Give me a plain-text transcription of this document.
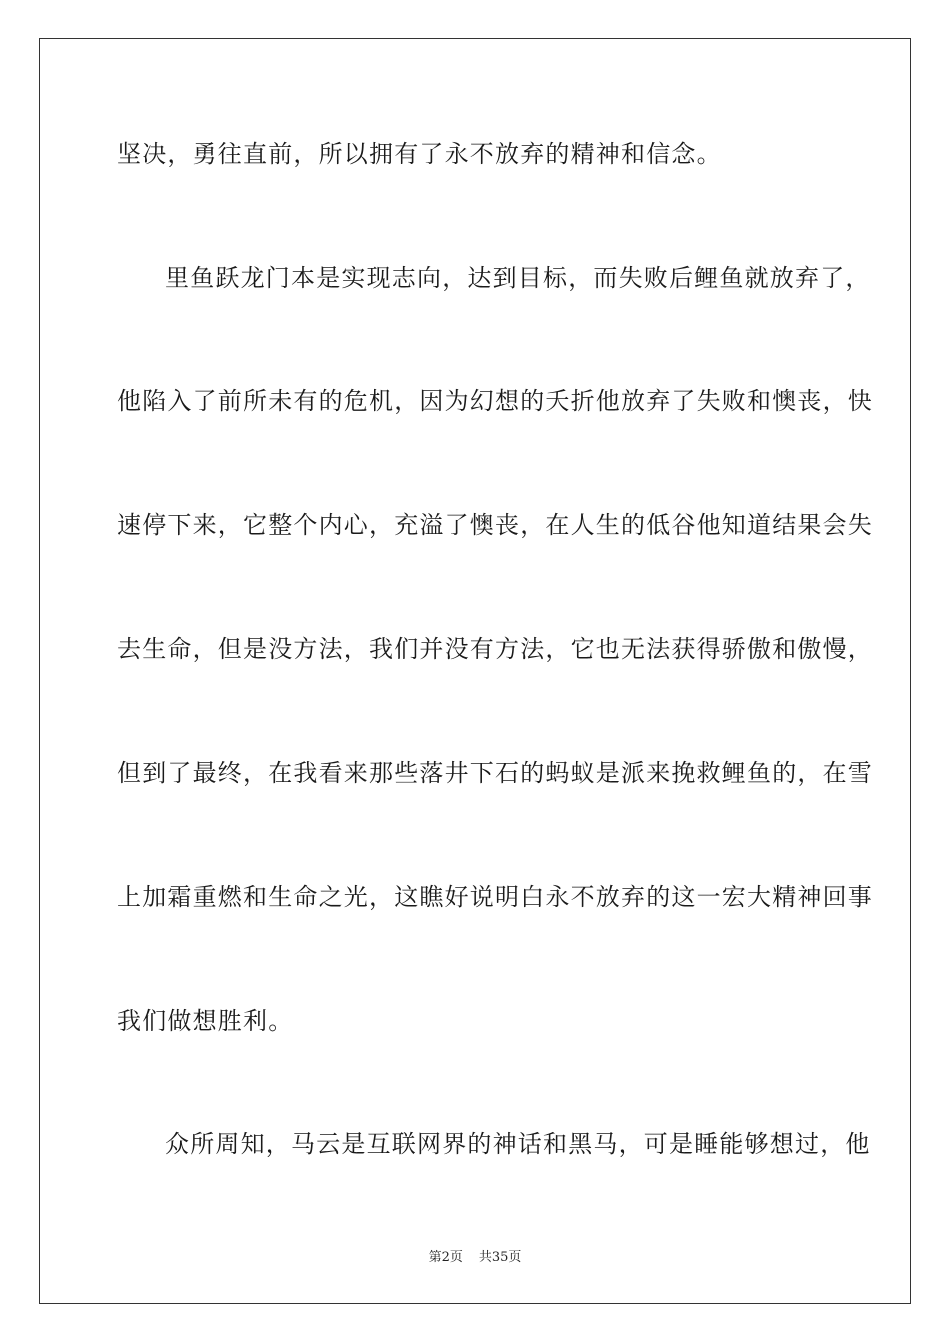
坚决，勇往直前，所以拥有了永不放弃的精神和信念。
里鱼跃龙门本是实现志向，达到目标，而失败后鲤鱼就放弃了，
他陷入了前所未有的危机，因为幻想的夭折他放弃了失败和懊丧，快
速停下来，它整个内心，充溢了懊丧，在人生的低谷他知道结果会失
去生命，但是没方法，我们并没有方法，它也无法获得骄傲和傲慢，
但到了最终，在我看来那些落井下石的蚂蚁是派来挽救鲤鱼的，在雪
上加霜重燃和生命之光，这瞧好说明白永不放弃的这一宏大精神回事
我们做想胜利。
众所周知，马云是互联网界的神话和黑马，可是睡能够想过，他
第2页 共35页
